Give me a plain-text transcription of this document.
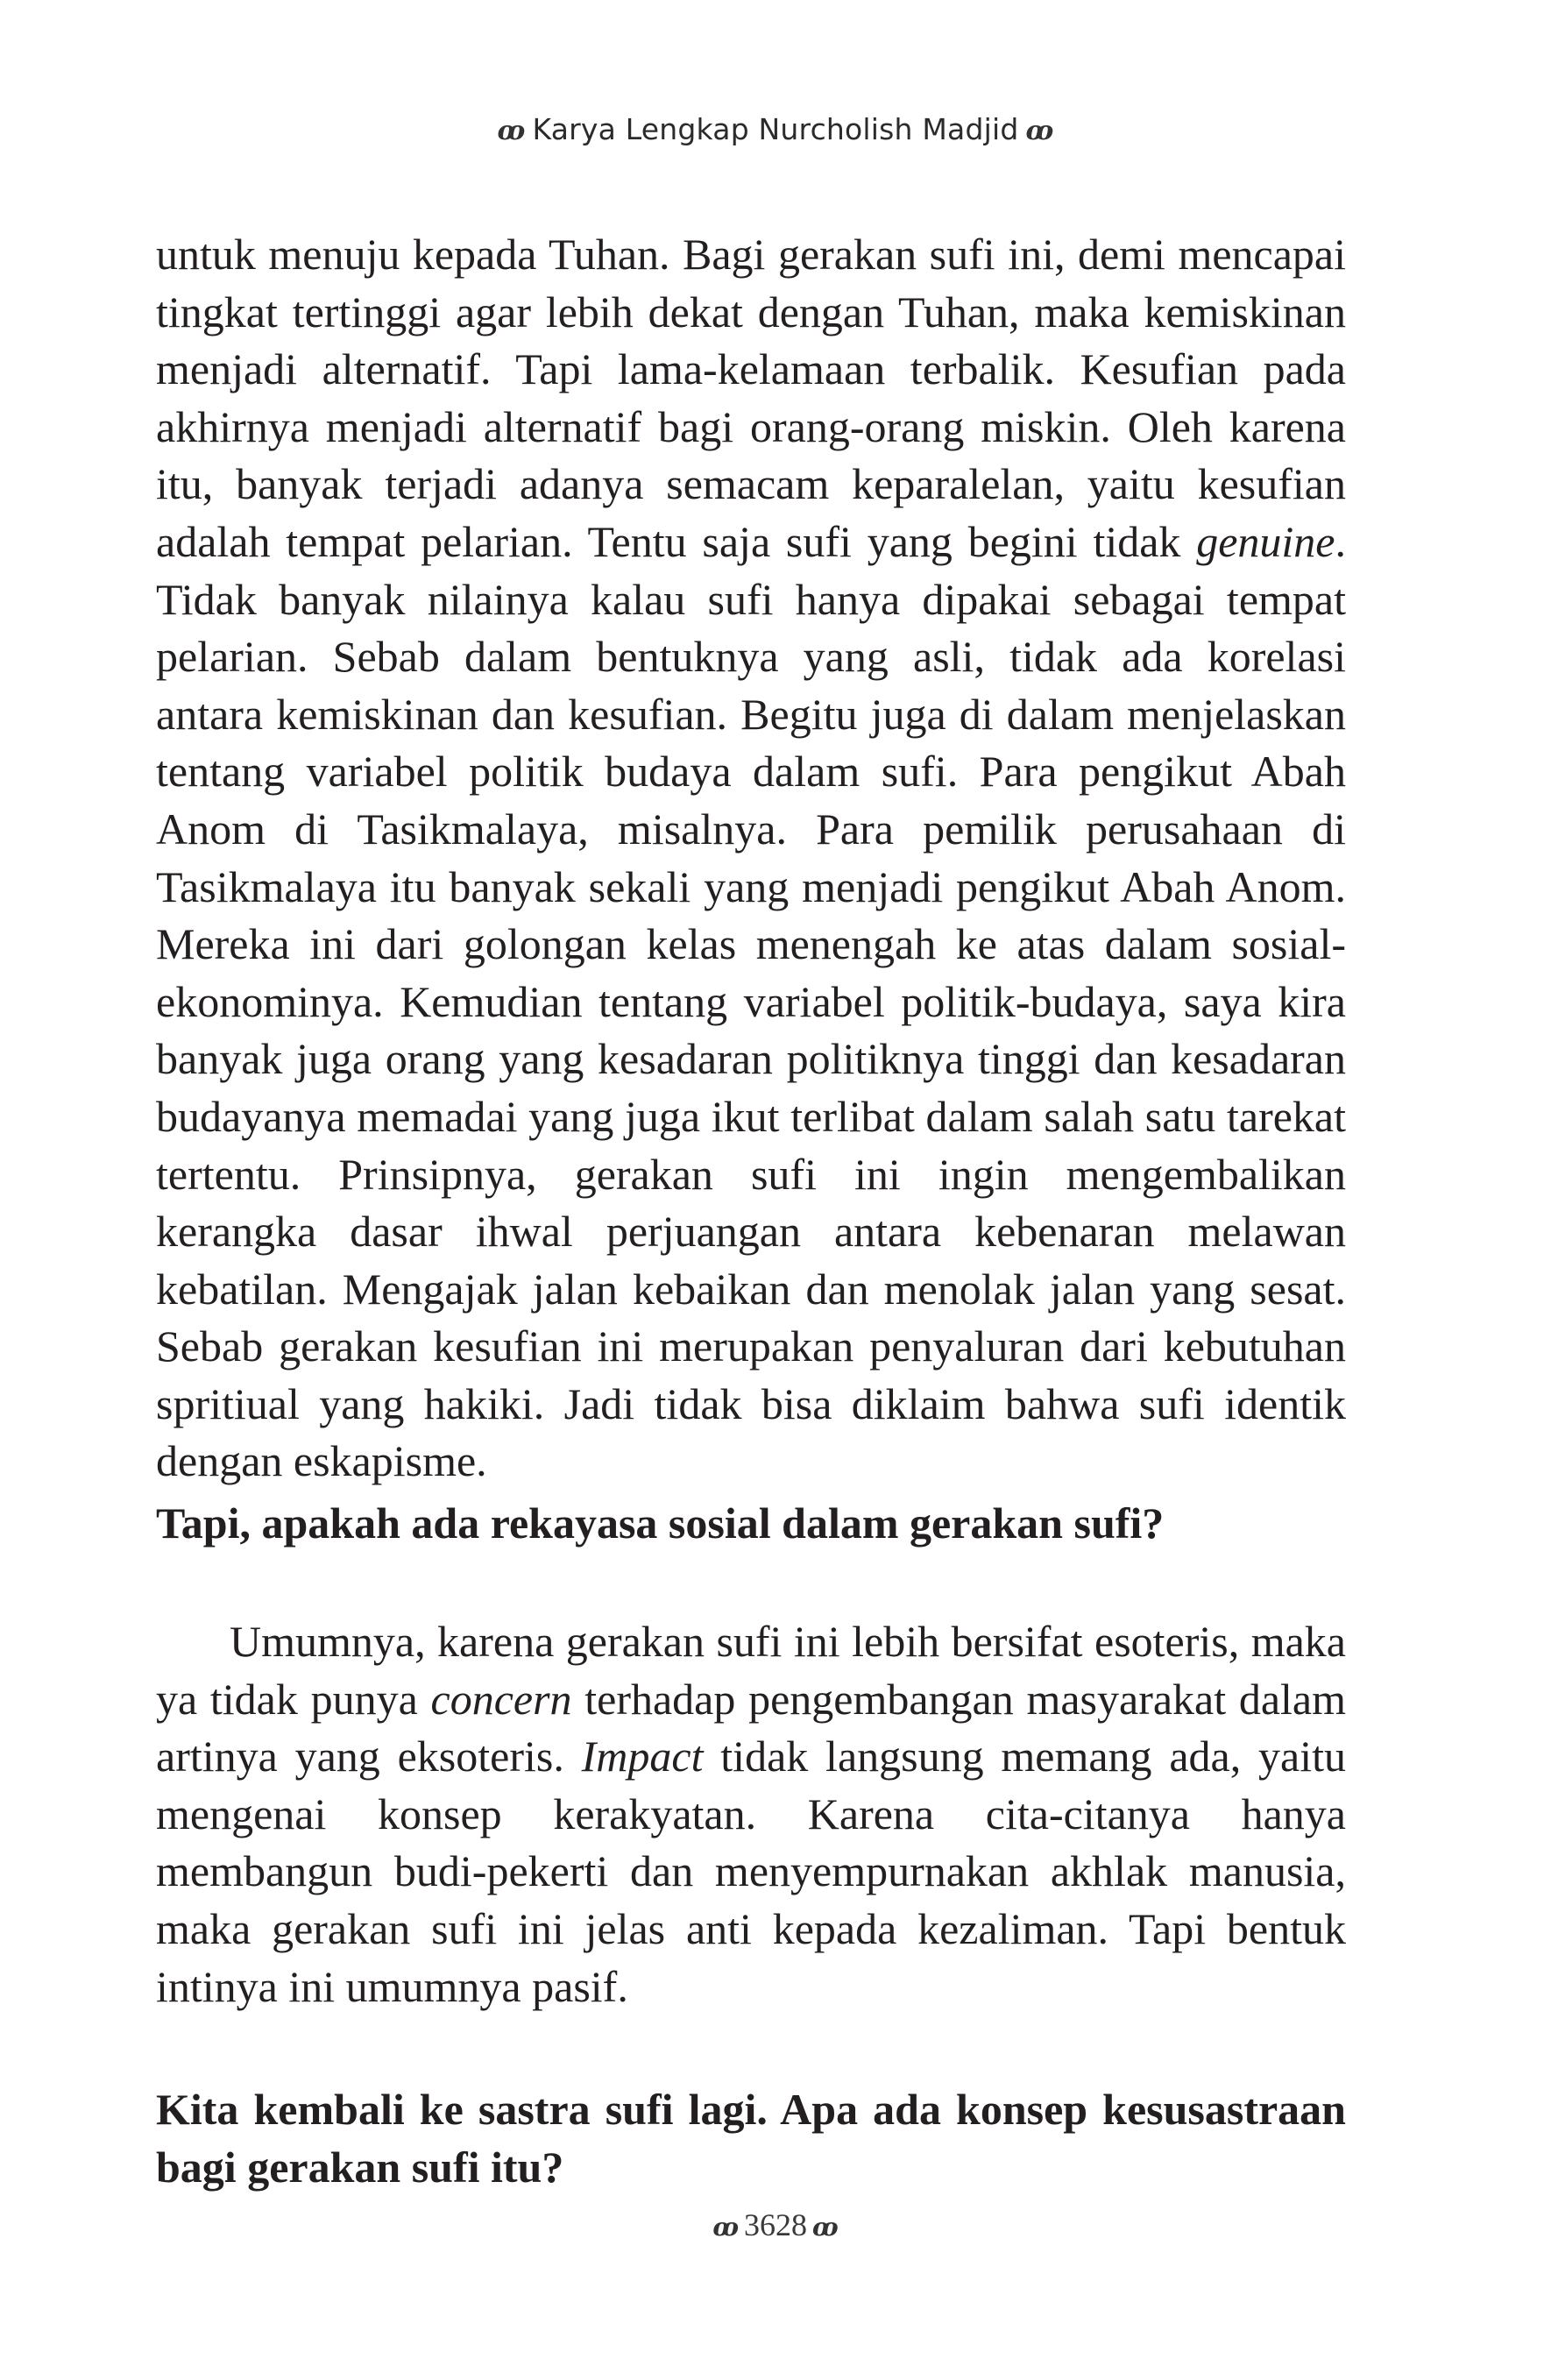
ꝏ Karya Lengkap Nurcholish Madjid ꝏ

untuk menuju kepada Tuhan. Bagi gerakan sufi ini, demi mencapai tingkat tertinggi agar lebih dekat dengan Tuhan, maka kemiskinan menjadi alternatif. Tapi lama-kelamaan terbalik. Kesufian pada akhirnya menjadi alternatif bagi orang-orang miskin. Oleh karena itu, banyak terjadi adanya semacam keparalelan, yaitu kesufian adalah tempat pelarian. Tentu saja sufi yang begini tidak genuine. Tidak banyak nilainya kalau sufi hanya dipakai sebagai tempat pelarian. Sebab dalam bentuknya yang asli, tidak ada korelasi antara kemiskinan dan kesufian. Begitu juga di dalam menjelaskan tentang variabel politik budaya dalam sufi. Para pengikut Abah Anom di Tasikmalaya, misalnya. Para pemilik perusahaan di Tasikmalaya itu banyak sekali yang menjadi pengikut Abah Anom. Mereka ini dari golongan kelas menengah ke atas dalam sosial-ekonominya. Kemudian tentang variabel politik-budaya, saya kira banyak juga orang yang kesadaran politiknya tinggi dan kesadaran budayanya memadai yang juga ikut terlibat dalam salah satu tarekat tertentu. Prinsipnya, gerakan sufi ini ingin mengembalikan kerangka dasar ihwal perjuangan antara kebenaran melawan kebatilan. Mengajak jalan kebaikan dan menolak jalan yang sesat. Sebab gerakan kesufian ini merupakan penyaluran dari kebutuhan spritiual yang hakiki. Jadi tidak bisa diklaim bahwa sufi identik dengan eskapisme.

Tapi, apakah ada rekayasa sosial dalam gerakan sufi?

Umumnya, karena gerakan sufi ini lebih bersifat esoteris, maka ya tidak punya concern terhadap pengembangan masyarakat dalam artinya yang eksoteris. Impact tidak langsung memang ada, yaitu mengenai konsep kerakyatan. Karena cita-citanya hanya membangun budi-pekerti dan menyempurnakan akhlak manusia, maka gerakan sufi ini jelas anti kepada kezaliman. Tapi bentuk intinya ini umumnya pasif.

Kita kembali ke sastra sufi lagi. Apa ada konsep kesusastraan bagi gerakan sufi itu?

ꝏ 3628 ꝏ
